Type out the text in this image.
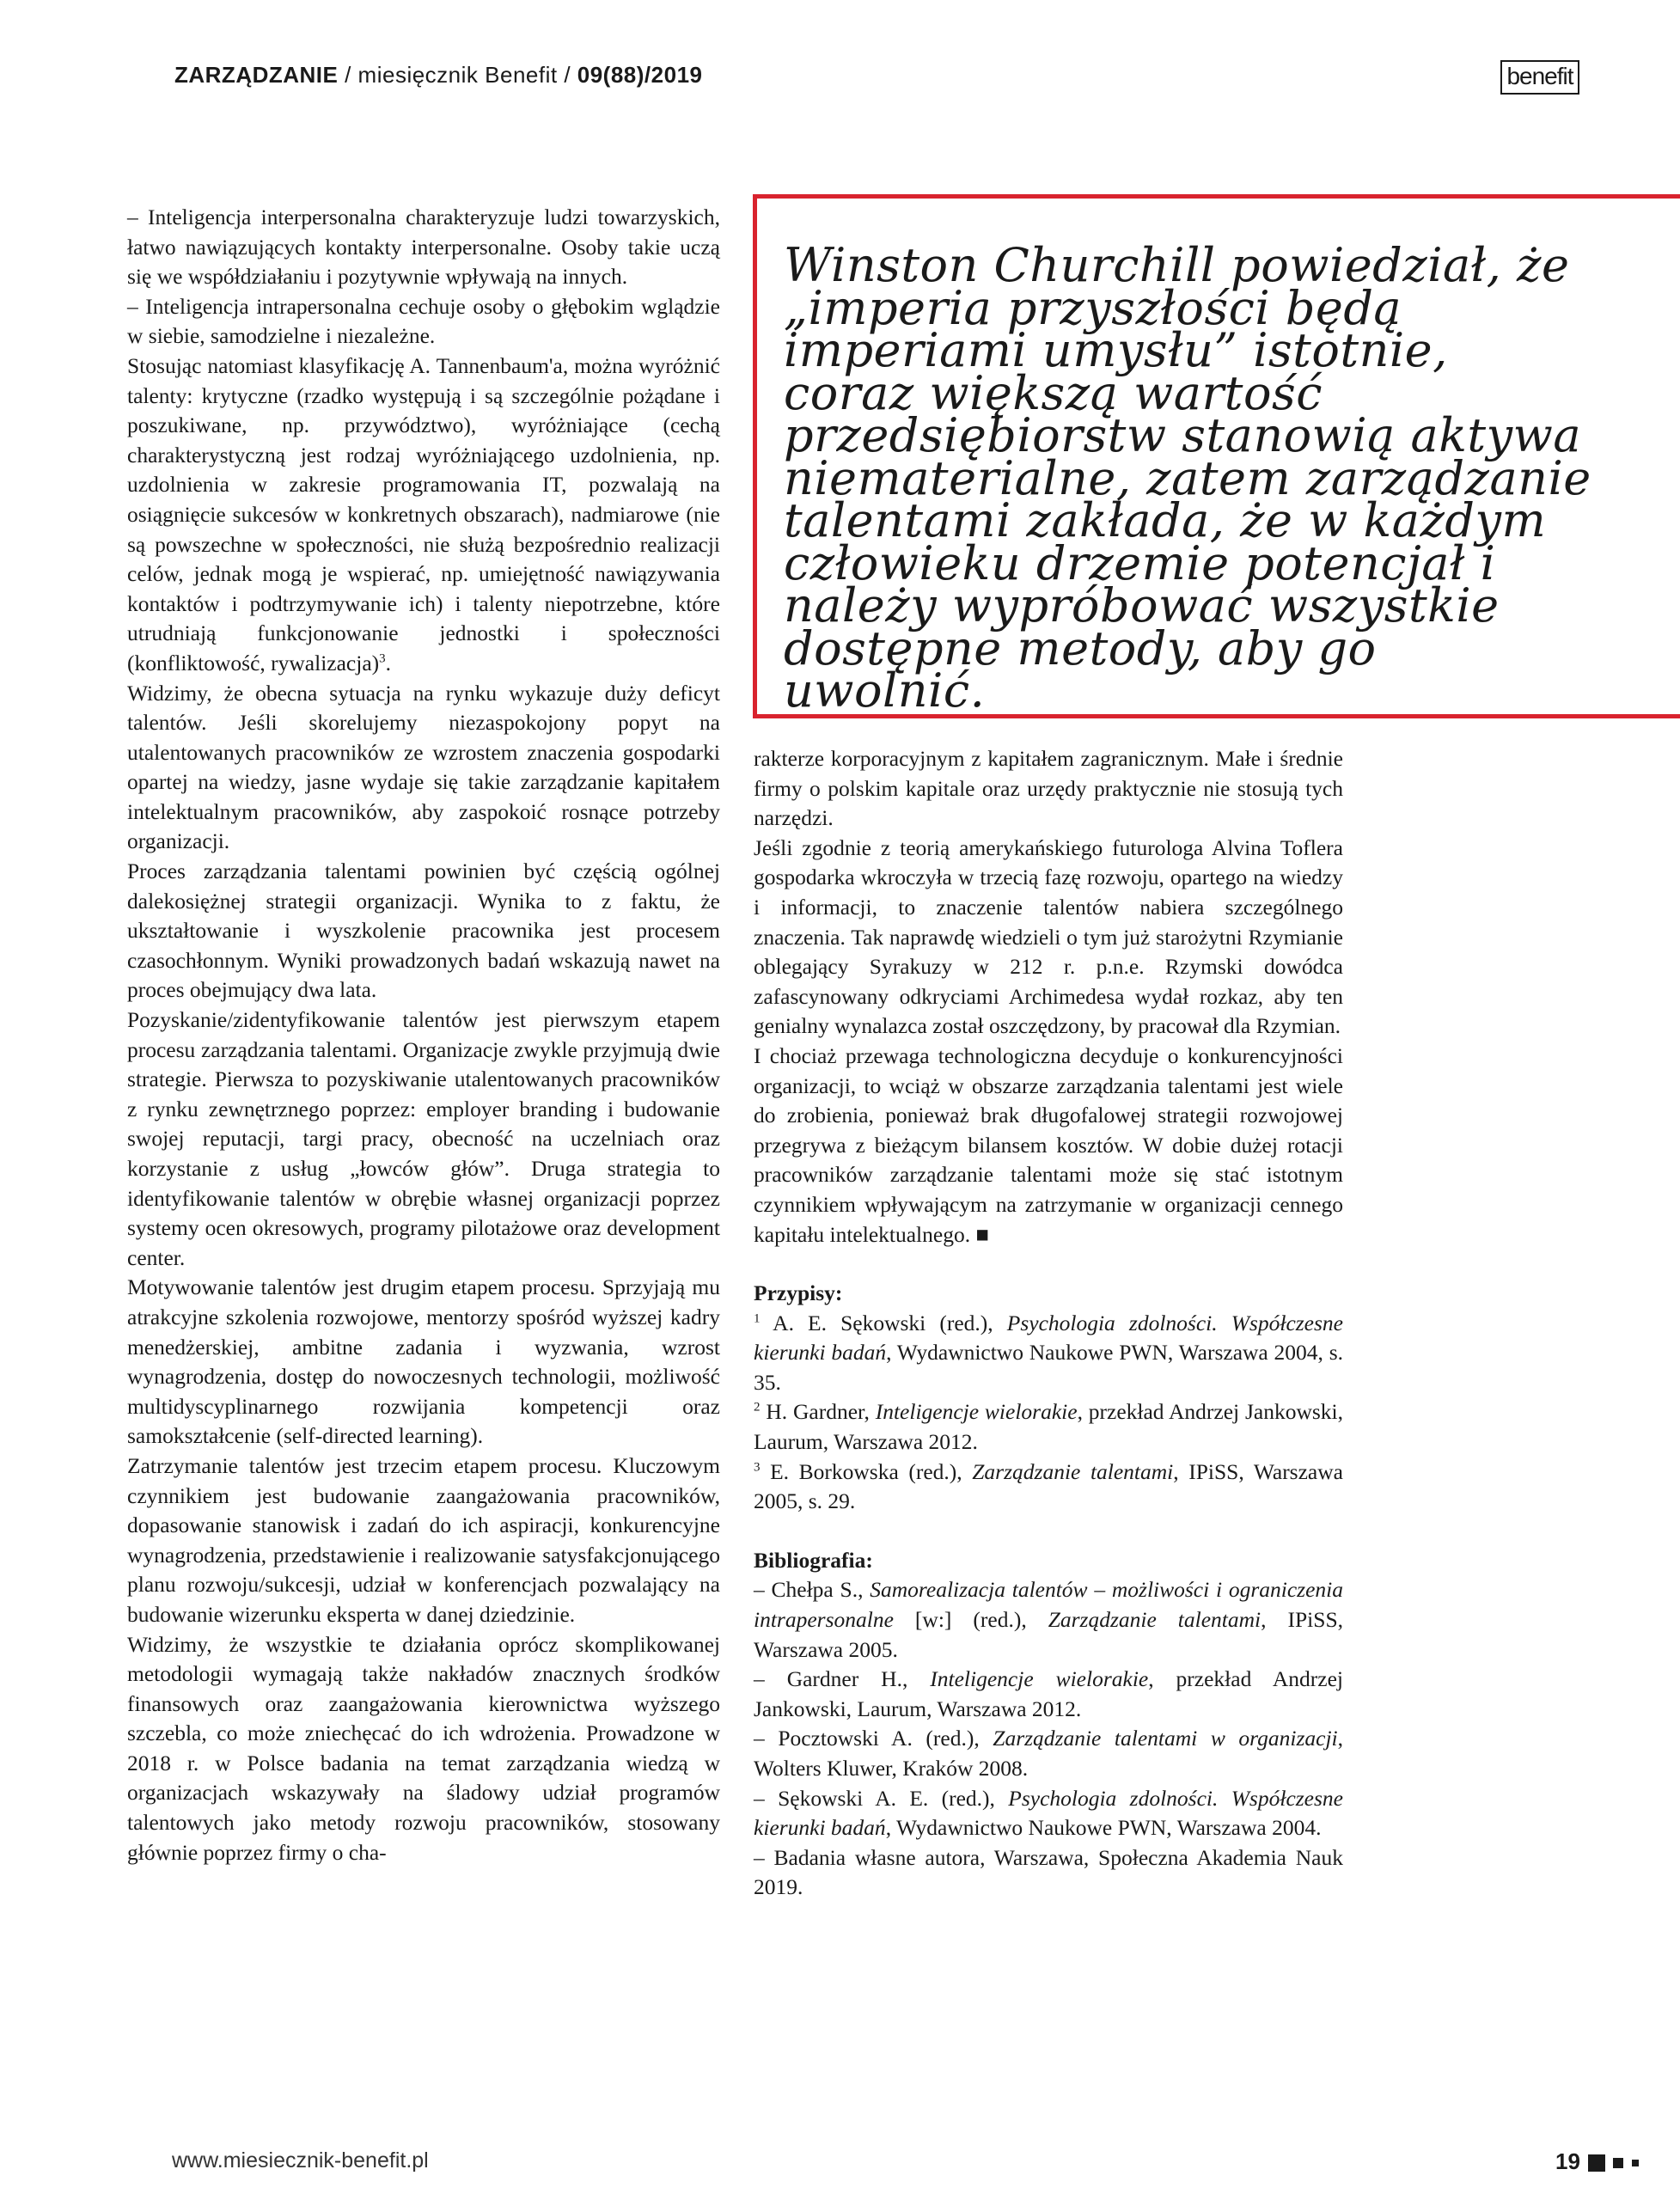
ZARZĄDZANIE / miesięcznik Benefit / 09(88)/2019	benefit

– Inteligencja interpersonalna charakteryzuje ludzi towarzyskich, łatwo nawiązujących kontakty interpersonalne. Osoby takie uczą się we współdziałaniu i pozytywnie wpływają na innych.

– Inteligencja intrapersonalna cechuje osoby o głębokim wglądzie w siebie, samodzielne i niezależne.

Stosując natomiast klasyfikację A. Tannenbaum'a, można wyróżnić talenty: krytyczne (rzadko występują i są szczególnie pożądane i poszukiwane, np. przywództwo), wyróżniające (cechą charakterystyczną jest rodzaj wyróżniającego uzdolnienia, np. uzdolnienia w zakresie programowania IT, pozwalają na osiągnięcie sukcesów w konkretnych obszarach), nadmiarowe (nie są powszechne w społeczności, nie służą bezpośrednio realizacji celów, jednak mogą je wspierać, np. umiejętność nawiązywania kontaktów i podtrzymywanie ich) i talenty niepotrzebne, które utrudniają funkcjonowanie jednostki i społeczności (konfliktowość, rywalizacja)$^3$.

Widzimy, że obecna sytuacja na rynku wykazuje duży deficyt talentów. Jeśli skorelujemy niezaspokojony popyt na utalentowanych pracowników ze wzrostem znaczenia gospodarki opartej na wiedzy, jasne wydaje się takie zarządzanie kapitałem intelektualnym pracowników, aby zaspokoić rosnące potrzeby organizacji.

Proces zarządzania talentami powinien być częścią ogólnej dalekosiężnej strategii organizacji. Wynika to z faktu, że ukształtowanie i wyszkolenie pracownika jest procesem czasochłonnym. Wyniki prowadzonych badań wskazują nawet na proces obejmujący dwa lata.

Pozyskanie/zidentyfikowanie talentów jest pierwszym etapem procesu zarządzania talentami. Organizacje zwykle przyjmują dwie strategie. Pierwsza to pozyskiwanie utalentowanych pracowników z rynku zewnętrznego poprzez: employer branding i budowanie swojej reputacji, targi pracy, obecność na uczelniach oraz korzystanie z usług „łowców głów”. Druga strategia to identyfikowanie talentów w obrębie własnej organizacji poprzez systemy ocen okresowych, programy pilotażowe oraz development center.

Motywowanie talentów jest drugim etapem procesu. Sprzyjają mu atrakcyjne szkolenia rozwojowe, mentorzy spośród wyższej kadry menedżerskiej, ambitne zadania i wyzwania, wzrost wynagrodzenia, dostęp do nowoczesnych technologii, możliwość multidyscyplinarnego rozwijania kompetencji oraz samokształcenie (self-directed learning).

Zatrzymanie talentów jest trzecim etapem procesu. Kluczowym czynnikiem jest budowanie zaangażowania pracowników, dopasowanie stanowisk i zadań do ich aspiracji, konkurencyjne wynagrodzenia, przedstawienie i realizowanie satysfakcjonującego planu rozwoju/sukcesji, udział w konferencjach pozwalający na budowanie wizerunku eksperta w danej dziedzinie.

Widzimy, że wszystkie te działania oprócz skomplikowanej metodologii wymagają także nakładów znacznych środków finansowych oraz zaangażowania kierownictwa wyższego szczebla, co może zniechęcać do ich wdrożenia. Prowadzone w 2018 r. w Polsce badania na temat zarządzania wiedzą w organizacjach wskazywały na śladowy udział programów talentowych jako metody rozwoju pracowników, stosowany głównie poprzez firmy o cha-

Winston Churchill powiedział, że „imperia przyszłości będą imperiami umysłu” istotnie, coraz większą wartość przedsiębiorstw stanowią aktywa niematerialne, zatem zarządzanie talentami zakłada, że w każdym człowieku drzemie potencjał i należy wypróbować wszystkie dostępne metody, aby go uwolnić.

rakterze korporacyjnym z kapitałem zagranicznym. Małe i średnie firmy o polskim kapitale oraz urzędy praktycznie nie stosują tych narzędzi.

Jeśli zgodnie z teorią amerykańskiego futurologa Alvina Toflera gospodarka wkroczyła w trzecią fazę rozwoju, opartego na wiedzy i informacji, to znaczenie talentów nabiera szczególnego znaczenia. Tak naprawdę wiedzieli o tym już starożytni Rzymianie oblegający Syrakuzy w 212 r. p.n.e. Rzymski dowódca zafascynowany odkryciami Archimedesa wydał rozkaz, aby ten genialny wynalazca został oszczędzony, by pracował dla Rzymian.

I chociaż przewaga technologiczna decyduje o konkurencyjności organizacji, to wciąż w obszarze zarządzania talentami jest wiele do zrobienia, ponieważ brak długofalowej strategii rozwojowej przegrywa z bieżącym bilansem kosztów. W dobie dużej rotacji pracowników zarządzanie talentami może się stać istotnym czynnikiem wpływającym na zatrzymanie w organizacji cennego kapitału intelektualnego. ■

Przypisy:

$^1$ A. E. Sękowski (red.), Psychologia zdolności. Współczesne kierunki badań, Wydawnictwo Naukowe PWN, Warszawa 2004, s. 35.

$^2$ H. Gardner, Inteligencje wielorakie, przekład Andrzej Jankowski, Laurum, Warszawa 2012.

$^3$ E. Borkowska (red.), Zarządzanie talentami, IPiSS, Warszawa 2005, s. 29.

Bibliografia:

– Chełpa S., Samorealizacja talentów – możliwości i ograniczenia intrapersonalne [w:] (red.), Zarządzanie talentami, IPiSS, Warszawa 2005.

– Gardner H., Inteligencje wielorakie, przekład Andrzej Jankowski, Laurum, Warszawa 2012.

– Pocztowski A. (red.), Zarządzanie talentami w organizacji, Wolters Kluwer, Kraków 2008.

– Sękowski A. E. (red.), Psychologia zdolności. Współczesne kierunki badań, Wydawnictwo Naukowe PWN, Warszawa 2004.

– Badania własne autora, Warszawa, Społeczna Akademia Nauk 2019.

www.miesiecznik-benefit.pl	19
